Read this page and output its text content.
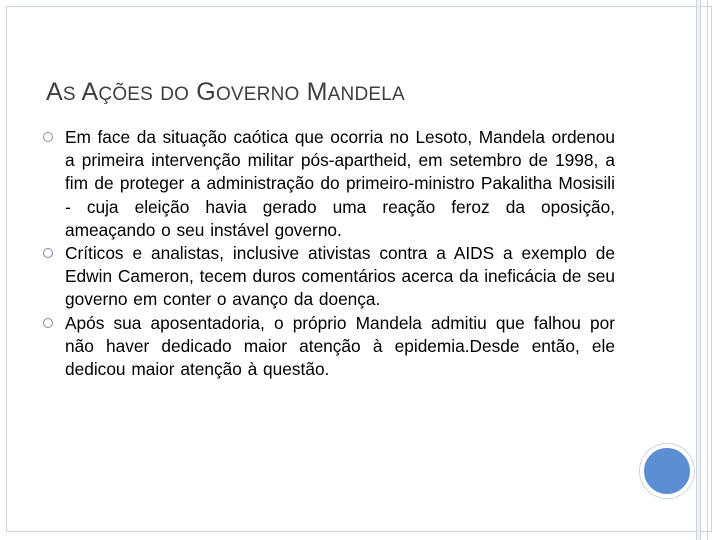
AS AÇÕES DO GOVERNO MANDELA
Em face da situação caótica que ocorria no Lesoto, Mandela ordenou a primeira intervenção militar pós-apartheid, em setembro de 1998, a fim de proteger a administração do primeiro-ministro Pakalitha Mosisili - cuja eleição havia gerado uma reação feroz da oposição, ameaçando o seu instável governo.
Críticos e analistas, inclusive ativistas contra a AIDS a exemplo de Edwin Cameron, tecem duros comentários acerca da ineficácia de seu governo em conter o avanço da doença.
Após sua aposentadoria, o próprio Mandela admitiu que falhou por não haver dedicado maior atenção à epidemia.Desde então, ele dedicou maior atenção à questão.
